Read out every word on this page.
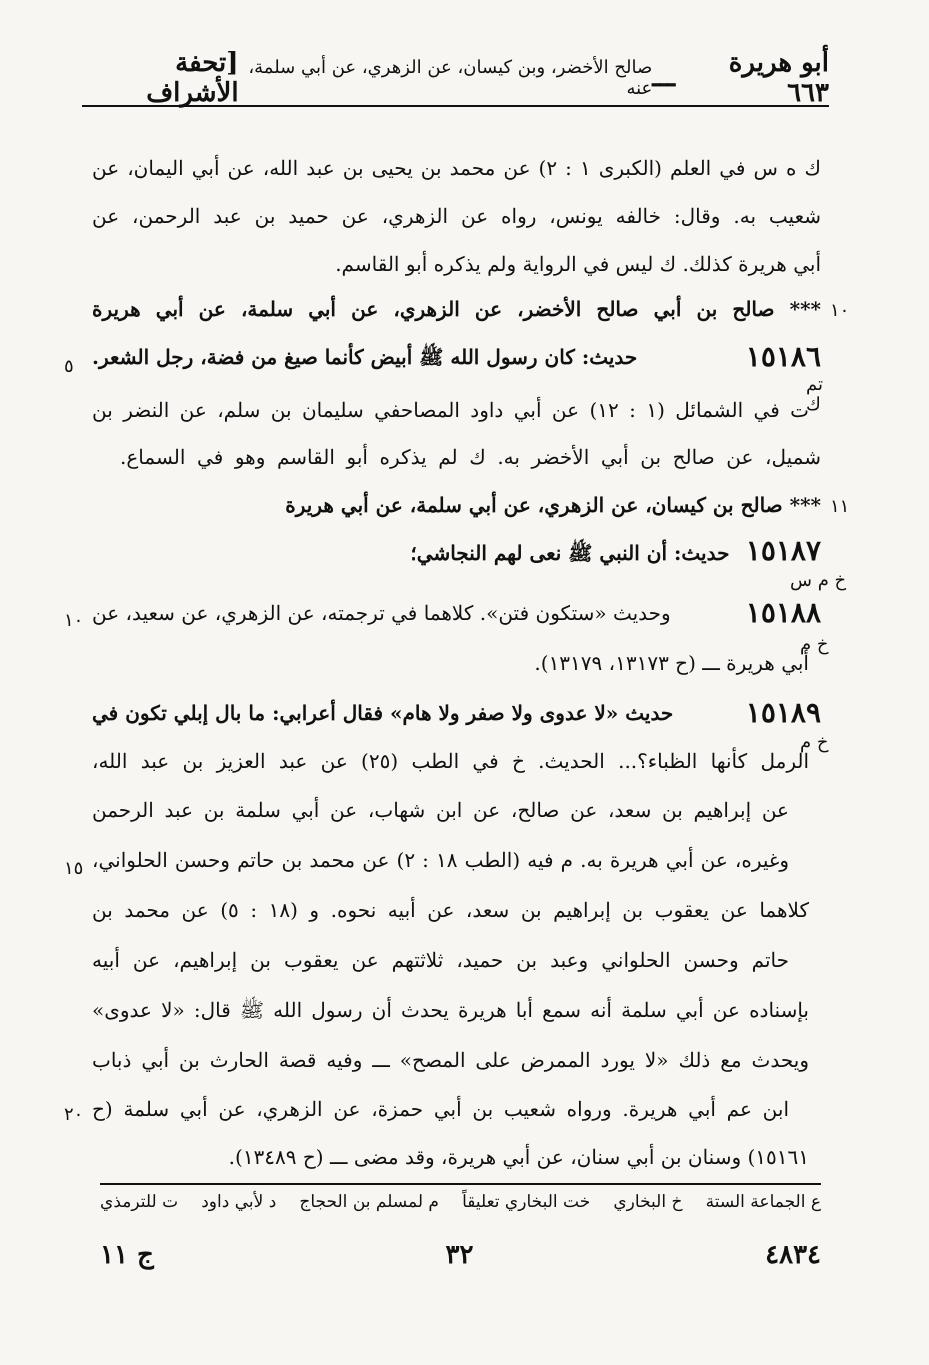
أبو هريرة ٦٦٣
ـــ
صالح الأخضر، وبن كيسان، عن الزهري، عن أبي سلمة، عنه
[تحفة الأشراف
ك ه س في العلم (الكبرى ١ : ٢) عن محمد بن يحيى بن عبد الله، عن أبي اليمان، عن
شعيب به. وقال: خالفه يونس، رواه عن الزهري، عن حميد بن عبد الرحمن، عن
أبي هريرة كذلك. ك ليس في الرواية ولم يذكره أبو القاسم.
١٠
*** صالح بن أبي صالح الأخضر، عن الزهري، عن أبي سلمة، عن أبي هريرة
٥	١٥١٨٦
حديث: كان رسول الله ﷺ أبيض كأنما صيغ من فضة، رجل الشعر.
تم
ك
ت في الشمائل (١ : ١٢) عن أبي داود المصاحفي سليمان بن سلم، عن النضر بن
شميل، عن صالح بن أبي الأخضر به. ك لم يذكره أبو القاسم وهو في السماع.
١١
*** صالح بن كيسان، عن الزهري، عن أبي سلمة، عن أبي هريرة
١٥١٨٧ حديث: أن النبي ﷺ نعى لهم النجاشي؛
خ م س
١٠	١٥١٨٨
وحديث «ستكون فتن». كلاهما في ترجمته، عن الزهري، عن سعيد، عن
خ م
أبي هريرة ـــ (ح ١٣١٧٣، ١٣١٧٩).
١٥١٨٩
حديث «لا عدوى ولا صفر ولا هام» فقال أعرابي: ما بال إبلي تكون في
خ م
الرمل كأنها الظباء؟... الحديث. خ في الطب (٢٥) عن عبد العزيز بن عبد الله،
عن إبراهيم بن سعد، عن صالح، عن ابن شهاب، عن أبي سلمة بن عبد الرحمن
١٥ وغيره، عن أبي هريرة به. م فيه (الطب ١٨ : ٢) عن محمد بن حاتم وحسن الحلواني،
كلاهما عن يعقوب بن إبراهيم بن سعد، عن أبيه نحوه. و (١٨ : ٥) عن محمد بن
حاتم وحسن الحلواني وعبد بن حميد، ثلاثتهم عن يعقوب بن إبراهيم، عن أبيه
بإسناده عن أبي سلمة أنه سمع أبا هريرة يحدث أن رسول الله ﷺ قال: «لا عدوى»
ويحدث مع ذلك «لا يورد الممرض على المصح» ـــ وفيه قصة الحارث بن أبي ذباب
٢٠ ابن عم أبي هريرة. ورواه شعيب بن أبي حمزة، عن الزهري، عن أبي سلمة (ح
١٥١٦١) وسنان بن أبي سنان، عن أبي هريرة، وقد مضى ـــ (ح ١٣٤٨٩).
ع الجماعة الستة
خ البخاري
خت البخاري تعليقاً
م لمسلم بن الحجاج
د لأبي داود
ت للترمذي
٤٨٣٤
٣٢
ج ١١
